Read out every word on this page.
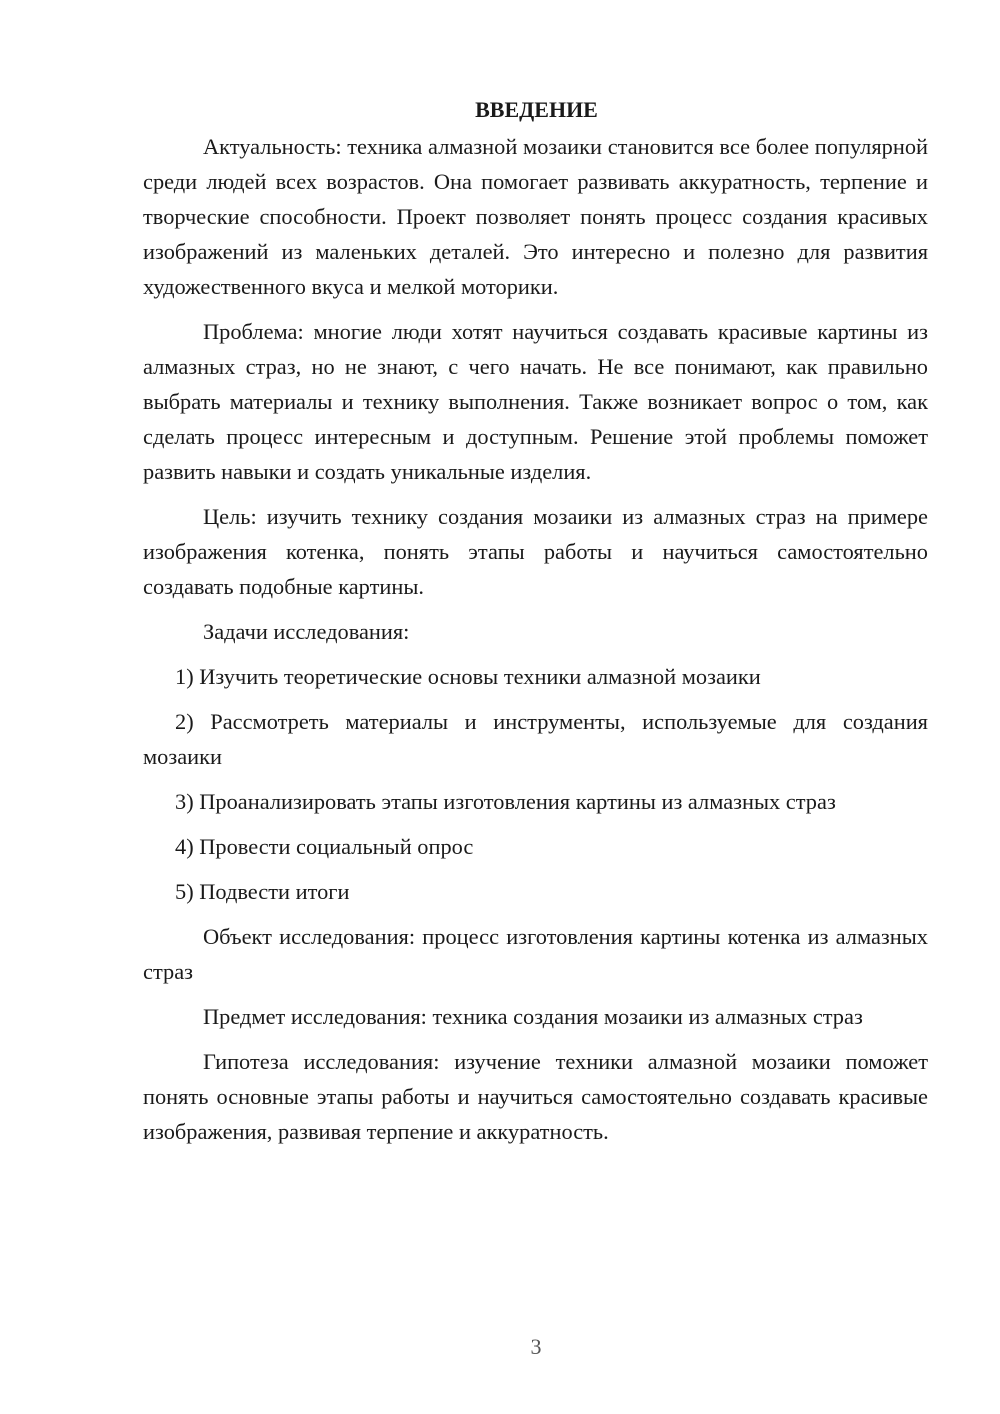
ВВЕДЕНИЕ

Актуальность: техника алмазной мозаики становится все более популярной среди людей всех возрастов. Она помогает развивать аккуратность, терпение и творческие способности. Проект позволяет понять процесс создания красивых изображений из маленьких деталей. Это интересно и полезно для развития художественного вкуса и мелкой моторики.

Проблема: многие люди хотят научиться создавать красивые картины из алмазных страз, но не знают, с чего начать. Не все понимают, как правильно выбрать материалы и технику выполнения. Также возникает вопрос о том, как сделать процесс интересным и доступным. Решение этой проблемы поможет развить навыки и создать уникальные изделия.

Цель: изучить технику создания мозаики из алмазных страз на примере изображения котенка, понять этапы работы и научиться самостоятельно создавать подобные картины.

Задачи исследования:

1) Изучить теоретические основы техники алмазной мозаики

2) Рассмотреть материалы и инструменты, используемые для создания мозаики

3) Проанализировать этапы изготовления картины из алмазных страз

4) Провести социальный опрос

5) Подвести итоги

Объект исследования: процесс изготовления картины котенка из алмазных страз

Предмет исследования: техника создания мозаики из алмазных страз

Гипотеза исследования: изучение техники алмазной мозаики поможет понять основные этапы работы и научиться самостоятельно создавать красивые изображения, развивая терпение и аккуратность.

3
